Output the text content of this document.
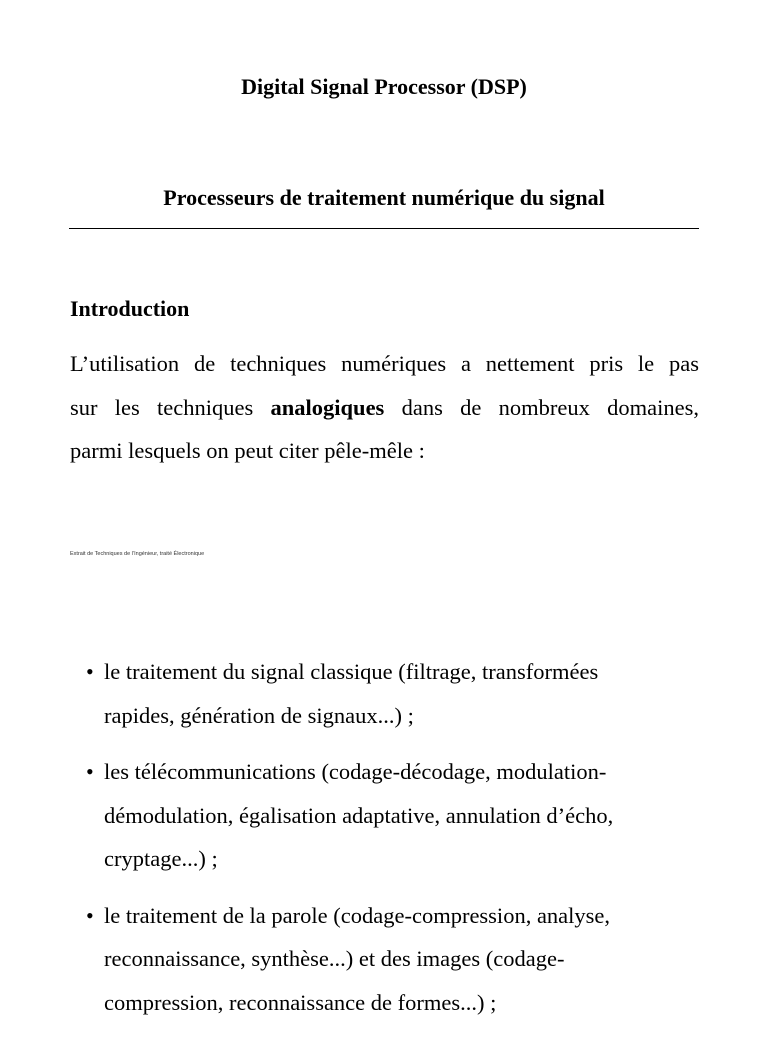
Digital Signal Processor (DSP)
Processeurs de traitement numérique du signal
Introduction

L’utilisation de techniques numériques a nettement pris le pas
sur les techniques analogiques dans de nombreux domaines,
parmi lesquels on peut citer pêle-mêle :

Extrait de Techniques de l’Ingénieur, traité Électronique

• le traitement du signal classique (filtrage, transformées
rapides, génération de signaux...) ;
• les télécommunications (codage-décodage, modulation-
démodulation, égalisation adaptative, annulation d’écho,
cryptage...) ;
• le traitement de la parole (codage-compression, analyse,
reconnaissance, synthèse...) et des images (codage-
compression, reconnaissance de formes...) ;
